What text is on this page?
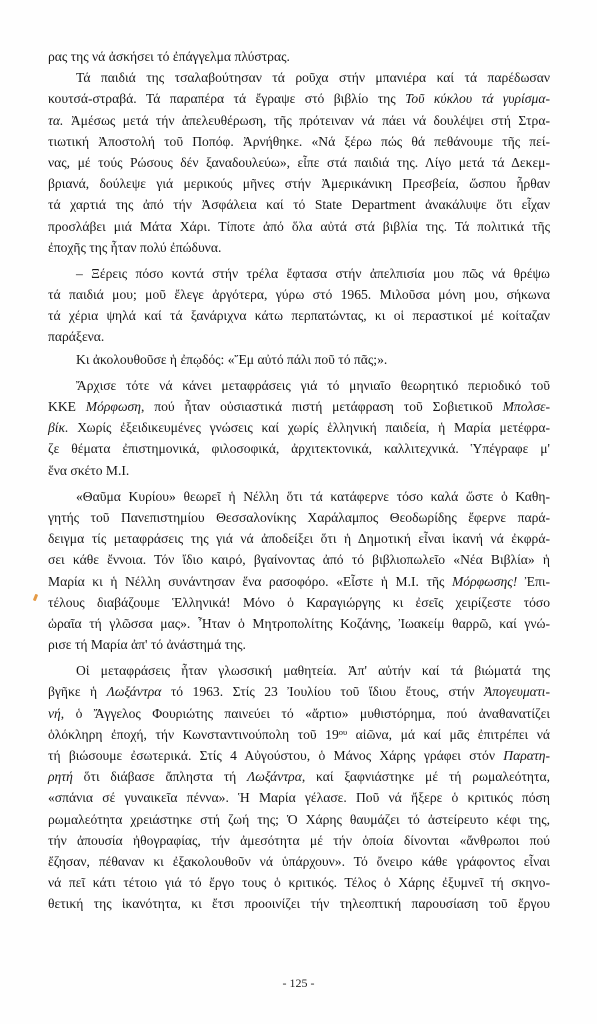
ρας της νά ἀσκήσει τό ἐπάγγελμα πλύστρας.
Τά παιδιά της τσαλαβούτησαν τά ροῦχα στήν μπανιέρα καί τά παρέδωσαν
κουτσά-στραβά. Τά παραπέρα τά ἔγραψε στό βιβλίο της Τοῦ κύκλου τά γυρίσμα-
τα. Ἀμέσως μετά τήν ἀπελευθέρωση, τῆς πρότειναν νά πάει νά δουλέψει στή Στρα-
τιωτική Ἀποστολή τοῦ Ποπόφ. Ἀρνήθηκε. «Νά ξέρω πώς θά πεθάνουμε τῆς πεί-
νας, μέ τούς Ρώσους δέν ξαναδουλεύω», εἶπε στά παιδιά της. Λίγο μετά τά Δεκεμ-
βριανά, δούλεψε γιά μερικούς μῆνες στήν Ἀμερικάνικη Πρεσβεία, ὥσπου ἦρθαν
τά χαρτιά της ἀπό τήν Ἀσφάλεια καί τό State Department ἀνακάλυψε ὅτι εἶχαν
προσλάβει μιά Μάτα Χάρι. Τίποτε ἀπό ὅλα αὐτά στά βιβλία της. Τά πολιτικά τῆς
ἐποχῆς της ἦταν πολύ ἐπώδυνα.
– Ξέρεις πόσο κοντά στήν τρέλα ἔφτασα στήν ἀπελπισία μου πῶς νά θρέψω
τά παιδιά μου; μοῦ ἔλεγε ἀργότερα, γύρω στό 1965. Μιλοῦσα μόνη μου, σήκωνα
τά χέρια ψηλά καί τά ξανάριχνα κάτω περπατώντας, κι οἱ περαστικοί μέ κοίταζαν
παράξενα.
Κι ἀκολουθοῦσε ἡ ἐπῳδός: «Ἔμ αὐτό πάλι ποῦ τό πᾶς;».
Ἄρχισε τότε νά κάνει μεταφράσεις γιά τό μηνιαῖο θεωρητικό περιοδικό τοῦ
ΚΚΕ Μόρφωση, πού ἦταν οὐσιαστικά πιστή μετάφραση τοῦ Σοβιετικοῦ Μπολσε-
βίκ. Χωρίς ἐξειδικευμένες γνώσεις καί χωρίς ἑλληνική παιδεία, ἡ Μαρία μετέφρα-
ζε θέματα ἐπιστημονικά, φιλοσοφικά, ἀρχιτεκτονικά, καλλιτεχνικά. Ὑπέγραφε μ'
ἕνα σκέτο Μ.Ι.
«Θαῦμα Κυρίου» θεωρεῖ ἡ Νέλλη ὅτι τά κατάφερνε τόσο καλά ὥστε ὁ Καθη-
γητής τοῦ Πανεπιστημίου Θεσσαλονίκης Χαράλαμπος Θεοδωρίδης ἔφερνε παρά-
δειγμα τίς μεταφράσεις της γιά νά ἀποδείξει ὅτι ἡ Δημοτική εἶναι ἱκανή νά ἐκφρά-
σει κάθε ἔννοια. Τόν ἴδιο καιρό, βγαίνοντας ἀπό τό βιβλιοπωλεῖο «Νέα Βιβλία» ἡ
Μαρία κι ἡ Νέλλη συνάντησαν ἕνα ρασοφόρο. «Εἶστε ἡ Μ.Ι. τῆς Μόρφωσης! Ἐπι-
τέλους διαβάζουμε Ἑλληνικά! Μόνο ὁ Καραγιώργης κι ἐσεῖς χειρίζεστε τόσο
ὡραῖα τή γλῶσσα μας». Ἦταν ὁ Μητροπολίτης Κοζάνης, Ἰωακείμ θαρρῶ, καί γνώ-
ρισε τή Μαρία ἀπ' τό ἀνάστημά της.
Οἱ μεταφράσεις ἦταν γλωσσική μαθητεία. Ἀπ' αὐτήν καί τά βιώματά της
βγῆκε ἡ Λωξάντρα τό 1963. Στίς 23 Ἰουλίου τοῦ ἴδιου ἔτους, στήν Ἀπογευματι-
νή, ὁ Ἄγγελος Φουριώτης παινεύει τό «ἄρτιο» μυθιστόρημα, πού ἀναθανατίζει
ὁλόκληρη ἐποχή, τήν Κωνσταντινούπολη τοῦ $19^{o\upsilon}$ αἰῶνα, μά καί μᾶς ἐπιτρέπει νά
τή βιώσουμε ἐσωτερικά. Στίς 4 Αὐγούστου, ὁ Μάνος Χάρης γράφει στόν Παρατη-
ρητή ὅτι διάβασε ἄπληστα τή Λωξάντρα, καί ξαφνιάστηκε μέ τή ρωμαλεότητα,
«σπάνια σέ γυναικεῖα πέννα». Ἡ Μαρία γέλασε. Ποῦ νά ἤξερε ὁ κριτικός πόση
ρωμαλεότητα χρειάστηκε στή ζωή της; Ὁ Χάρης θαυμάζει τό ἀστείρευτο κέφι της,
τήν ἀπουσία ἠθογραφίας, τήν ἀμεσότητα μέ τήν ὁποία δίνονται «ἄνθρωποι πού
ἔζησαν, πέθαναν κι ἐξακολουθοῦν νά ὑπάρχουν». Τό ὄνειρο κάθε γράφοντος εἶναι
νά πεῖ κάτι τέτοιο γιά τό ἔργο τους ὁ κριτικός. Τέλος ὁ Χάρης ἐξυμνεῖ τή σκηνο-
θετική της ἱκανότητα, κι ἔτσι προοινίζει τήν τηλεοπτική παρουσίαση τοῦ ἔργου
- 125 -
